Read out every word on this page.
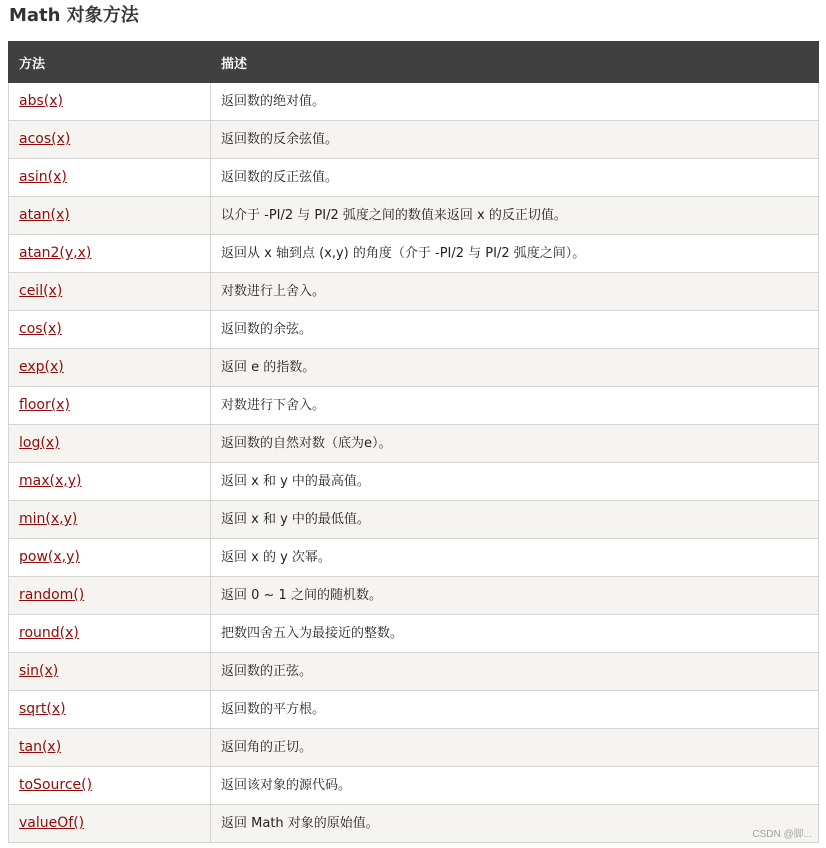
Math 对象方法
方法	描述
abs(x)	返回数的绝对值。
acos(x)	返回数的反余弦值。
asin(x)	返回数的反正弦值。
atan(x)	以介于 -PI/2 与 PI/2 弧度之间的数值来返回 x 的反正切值。
atan2(y,x)	返回从 x 轴到点 (x,y) 的角度（介于 -PI/2 与 PI/2 弧度之间）。
ceil(x)	对数进行上舍入。
cos(x)	返回数的余弦。
exp(x)	返回 e 的指数。
floor(x)	对数进行下舍入。
log(x)	返回数的自然对数（底为e）。
max(x,y)	返回 x 和 y 中的最高值。
min(x,y)	返回 x 和 y 中的最低值。
pow(x,y)	返回 x 的 y 次幂。
random()	返回 0 ~ 1 之间的随机数。
round(x)	把数四舍五入为最接近的整数。
sin(x)	返回数的正弦。
sqrt(x)	返回数的平方根。
tan(x)	返回角的正切。
toSource()	返回该对象的源代码。
valueOf()	返回 Math 对象的原始值。
CSDN @脚...
